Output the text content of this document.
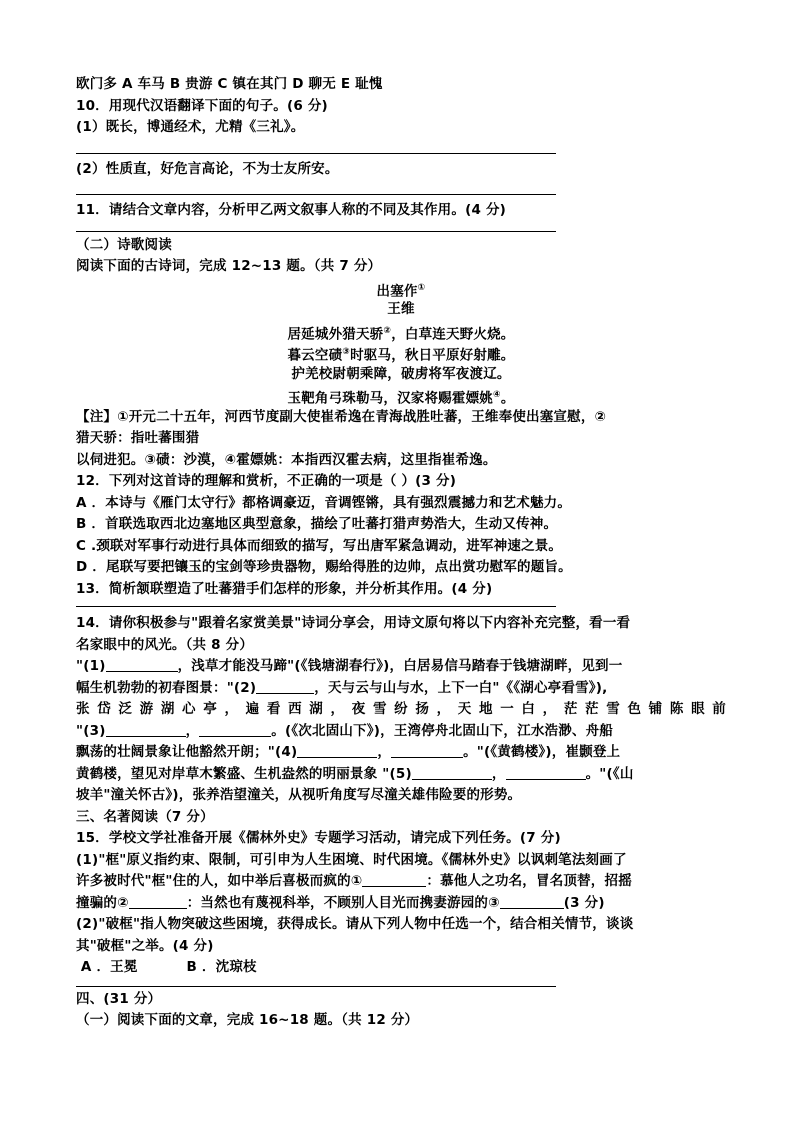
欧门多 A 车马 B 贵游 C 镇在其门 D 聊无 E 耻愧
10．用现代汉语翻译下面的句子。(6 分)
(1）既长，博通经术，尤精《三礼》。
(2）性质直，好危言高论，不为士友所安。
11．请结合文章内容，分析甲乙两文叙事人称的不同及其作用。(4 分)
（二）诗歌阅读
阅读下面的古诗词，完成 12~13 题。（共 7 分）
出塞作①
王维
居延城外猎天骄②，白草连天野火烧。
暮云空碛③时驱马，秋日平原好射雕。
护羌校尉朝乘障，破虏将军夜渡辽。
玉靶角弓珠勒马，汉家将赐霍嫖姚④。
【注】①开元二十五年，河西节度副大使崔希逸在青海战胜吐蕃，王维奉使出塞宣慰，②
猎天骄：指吐蕃围猎
以伺进犯。③碛：沙漠，④霍嫖姚：本指西汉霍去病，这里指崔希逸。
12．下列对这首诗的理解和赏析，不正确的一项是（ ）(3 分)
A ．本诗与《雁门太守行》都格调豪迈，音调铿锵，具有强烈震撼力和艺术魅力。
B ．首联选取西北边塞地区典型意象，描绘了吐蕃打猎声势浩大，生动又传神。
C .颈联对军事行动进行具体而细致的描写，写出唐军紧急调动，进军神速之景。
D ．尾联写要把镶玉的宝剑等珍贵器物，赐给得胜的边帅，点出赏功慰军的题旨。
13．简析颔联塑造了吐蕃猎手们怎样的形象，并分析其作用。(4 分)
14．请你积极参与"跟着名家赏美景"诗词分享会，用诗文原句将以下内容补充完整，看一看
名家眼中的风光。（共 8 分）
"(1)	，浅草才能没马蹄"(《钱塘湖春行》)，白居易信马踏春于钱塘湖畔，见到一
幅生机勃勃的初春图景："(2)	，天与云与山与水，上下一白"《《湖心亭看雪》),
张岱泛游湖心亭，遍看西湖，夜雪纷扬，天地一白，茫茫雪色铺陈眼前
"(3)	，	。(《次北固山下》)，王湾停舟北固山下，江水浩渺、舟船
飘荡的壮阔景象让他豁然开朗；"(4)	，	。"(《黄鹤楼》)，崔颢登上
黄鹤楼，望见对岸草木繁盛、生机盎然的明丽景象 "(5)	，	。"(《山
坡羊"潼关怀古》)，张养浩望潼关，从视听角度写尽潼关雄伟险要的形势。
三、名著阅读（7 分）
15．学校文学社准备开展《儒林外史》专题学习活动，请完成下列任务。(7 分)
(1)"框"原义指约束、限制，可引申为人生困境、时代困境。《儒林外史》以讽刺笔法刻画了
许多被时代"框"住的人，如中举后喜极而疯的①	：慕他人之功名，冒名顶替，招摇
撞骗的②	：当然也有蔑视科举，不顾别人目光而携妻游园的③	(3 分)
(2)"破框"指人物突破这些困境，获得成长。请从下列人物中任选一个，结合相关情节，谈谈
其"破框"之举。(4 分)
A ．王冕          B ．沈琼枝
四、(31 分）
（一）阅读下面的文章，完成 16~18 题。（共 12 分）
